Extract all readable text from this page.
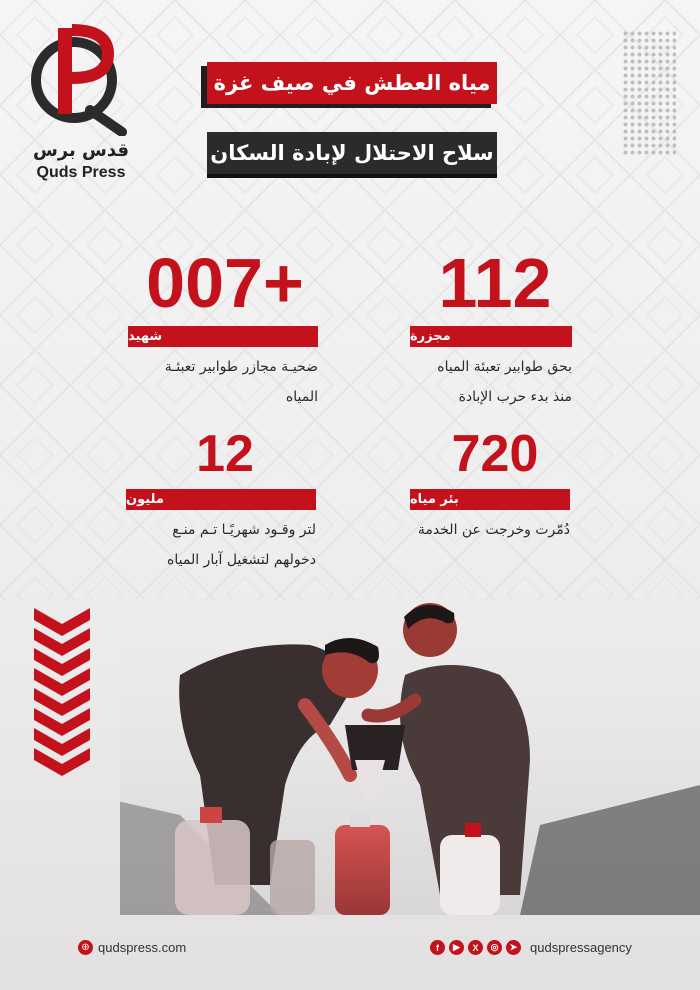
قدس برس
Quds Press
مياه العطش في صيف غزة
سلاح الاحتلال لإبادة السكان
112
مجزرة
بحق طوابير تعبئة المياه
منذ بدء حرب الإبادة
+700
شهيد
ضحيـة مجازر طوابير تعبئـة
المياه
720
بئر مياه
دُمّرت وخرجت عن الخدمة
12
مليون
لتر وقـود شهريًـا تـم منـع
دخولهم لتشغيل آبار المياه
⊕ qudspress.com	f	▶	X	◎	➤ qudspressagency
